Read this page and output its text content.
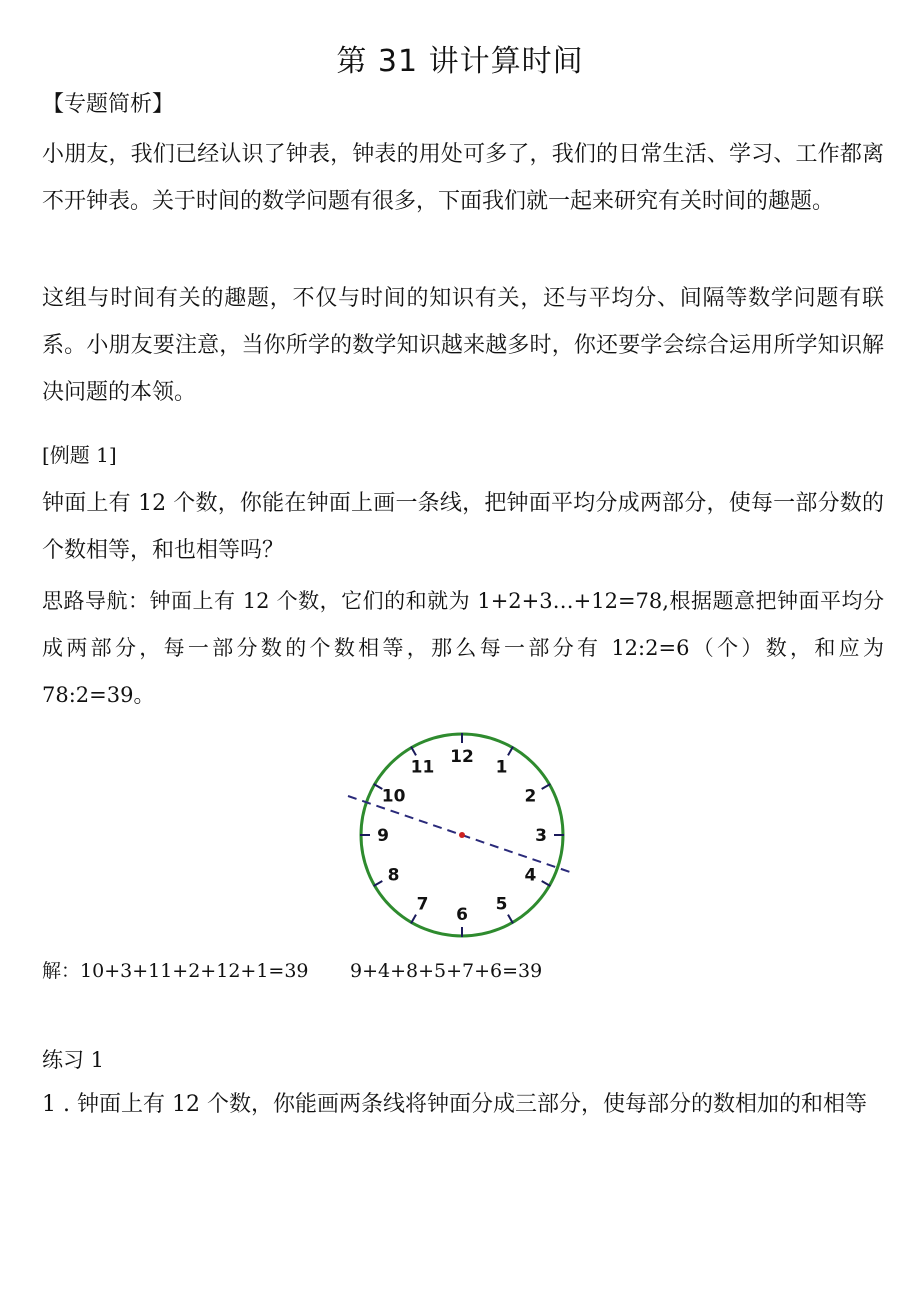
第 31 讲计算时间
【专题简析】
小朋友，我们已经认识了钟表，钟表的用处可多了，我们的日常生活、学习、工作都离不开钟表。关于时间的数学问题有很多，下面我们就一起来研究有关时间的趣题。
这组与时间有关的趣题，不仅与时间的知识有关，还与平均分、间隔等数学问题有联系。小朋友要注意，当你所学的数学知识越来越多时，你还要学会综合运用所学知识解决问题的本领。
[例题 1]
钟面上有 12 个数，你能在钟面上画一条线，把钟面平均分成两部分，使每一部分数的个数相等，和也相等吗？
思路导航：钟面上有 12 个数，它们的和就为 1+2+3…+12=78,根据题意把钟面平均分成两部分，每一部分数的个数相等，那么每一部分有 12:2=6（个）数，和应为 78:2=39。
12
1
2
3
4
5
6
7
8
9
10
11
解：10+3+11+2+12+1=39 9+4+8+5+7+6=39
练习 1
1 . 钟面上有 12 个数，你能画两条线将钟面分成三部分，使每部分的数相加的和相等
